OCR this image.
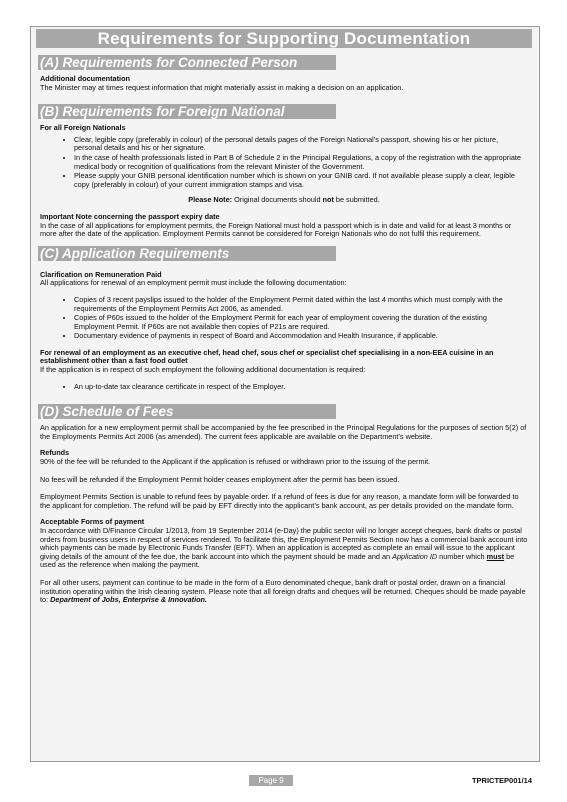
Requirements for Supporting Documentation
(A) Requirements for Connected Person

Additional documentation

The Minister may at times request information that might materially assist in making a decision on an application.

(B) Requirements for Foreign National

For all Foreign Nationals

• Clear, legible copy (preferably in colour) of the personal details pages of the Foreign National’s passport, showing his or her picture, personal details and his or her signature.
• In the case of health professionals listed in Part B of Schedule 2 in the Principal Regulations, a copy of the registration with the appropriate medical body or recognition of qualifications from the relevant Minister of the Government.
• Please supply your GNIB personal identification number which is shown on your GNIB card. If not available please supply a clear, legible copy (preferably in colour) of your current immigration stamps and visa.

Please Note: Original documents should not be submitted.

Important Note concerning the passport expiry date

In the case of all applications for employment permits, the Foreign National must hold a passport which is in date and valid for at least 3 months or more after the date of the application. Employment Permits cannot be considered for Foreign Nationals who do not fulfil this requirement.

(C) Application Requirements

Clarification on Remuneration Paid

All applications for renewal of an employment permit must include the following documentation:

• Copies of 3 recent payslips issued to the holder of the Employment Permit dated within the last 4 months which must comply with the requirements of the Employment Permits Act 2006, as amended.
• Copies of P60s issued to the holder of the Employment Permit for each year of employment covering the duration of the existing Employment Permit. If P60s are not available then copies of P21s are required.
• Documentary evidence of payments in respect of Board and Accommodation and Health Insurance, if applicable.

For renewal of an employment as an executive chef, head chef, sous chef or specialist chef specialising in a non-EEA cuisine in an establishment other than a fast food outlet

If the application is in respect of such employment the following additional documentation is required:

• An up-to-date tax clearance certificate in respect of the Employer.
(D) Schedule of Fees

An application for a new employment permit shall be accompanied by the fee prescribed in the Principal Regulations for the purposes of section 5(2) of the Employments Permits Act 2006 (as amended). The current fees applicable are available on the Department’s website.

Refunds

90% of the fee will be refunded to the Applicant if the application is refused or withdrawn prior to the issuing of the permit.

No fees will be refunded if the Employment Permit holder ceases employment after the permit has been issued.

Employment Permits Section is unable to refund fees by payable order. If a refund of fees is due for any reason, a mandate form will be forwarded to the applicant for completion. The refund will be paid by EFT directly into the applicant’s bank account, as per details provided on the mandate form.

Acceptable Forms of payment

In accordance with D/Finance Circular 1/2013, from 19 September 2014 (e-Day) the public sector will no longer accept cheques, bank drafts or postal orders from business users in respect of services rendered. To facilitate this, the Employment Permits Section now has a commercial bank account into which payments can be made by Electronic Funds Transfer (EFT). When an application is accepted as complete an email will issue to the applicant giving details of the amount of the fee due, the bank account into which the payment should be made and an Application ID number which must be used as the reference when making the payment.

For all other users, payment can continue to be made in the form of a Euro denominated cheque, bank draft or postal order, drawn on a financial institution operating within the Irish clearing system. Please note that all foreign drafts and cheques will be returned. Cheques should be made payable to: Department of Jobs, Enterprise & Innovation.

Page 9	TPRICTEP001/14
